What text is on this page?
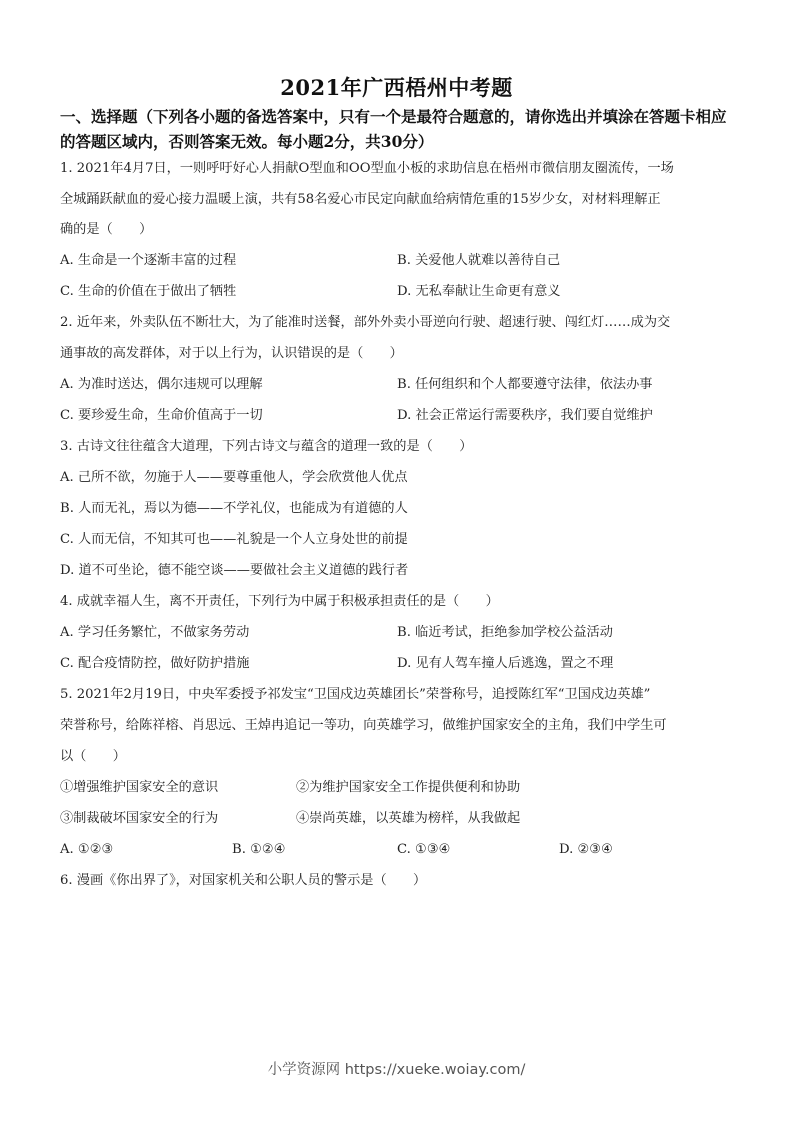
2021年广西梧州中考题
一、选择题（下列各小题的备选答案中，只有一个是最符合题意的，请你选出并填涂在答题卡相应的答题区域内，否则答案无效。每小题2分，共30分）
1. 2021年4月7日，一则呼吁好心人捐献O型血和OO型血小板的求助信息在梧州市微信朋友圈流传，一场
全城踊跃献血的爱心接力温暖上演，共有58名爱心市民定向献血给病情危重的15岁少女，对材料理解正
确的是（　　）
A. 生命是一个逐渐丰富的过程	B. 关爱他人就难以善待自己
C. 生命的价值在于做出了牺牲	D. 无私奉献让生命更有意义
2. 近年来，外卖队伍不断壮大，为了能准时送餐，部外外卖小哥逆向行驶、超速行驶、闯红灯……成为交
通事故的高发群体，对于以上行为，认识错误的是（　　）
A. 为准时送达，偶尔违规可以理解	B. 任何组织和个人都要遵守法律，依法办事
C. 要珍爱生命，生命价值高于一切	D. 社会正常运行需要秩序，我们要自觉维护
3. 古诗文往往蕴含大道理，下列古诗文与蕴含的道理一致的是（　　）
A. 己所不欲，勿施于人——要尊重他人，学会欣赏他人优点
B. 人而无礼，焉以为德——不学礼仪，也能成为有道德的人
C. 人而无信，不知其可也——礼貌是一个人立身处世的前提
D. 道不可坐论，德不能空谈——要做社会主义道德的践行者
4. 成就幸福人生，离不开责任，下列行为中属于积极承担责任的是（　　）
A. 学习任务繁忙，不做家务劳动	B. 临近考试，拒绝参加学校公益活动
C. 配合疫情防控，做好防护措施	D. 见有人驾车撞人后逃逸，置之不理
5. 2021年2月19日，中央军委授予祁发宝“卫国戍边英雄团长”荣誉称号，追授陈红军“卫国戍边英雄”
荣誉称号，给陈祥榕、肖思远、王焯冉追记一等功，向英雄学习，做维护国家安全的主角，我们中学生可
以（　　）
①增强维护国家安全的意识	②为维护国家安全工作提供便利和协助
③制裁破坏国家安全的行为	④崇尚英雄，以英雄为榜样，从我做起
A. ①②③	B. ①②④	C. ①③④	D. ②③④
6. 漫画《你出界了》，对国家机关和公职人员的警示是（　　）
小学资源网 https://xueke.woiay.com/
